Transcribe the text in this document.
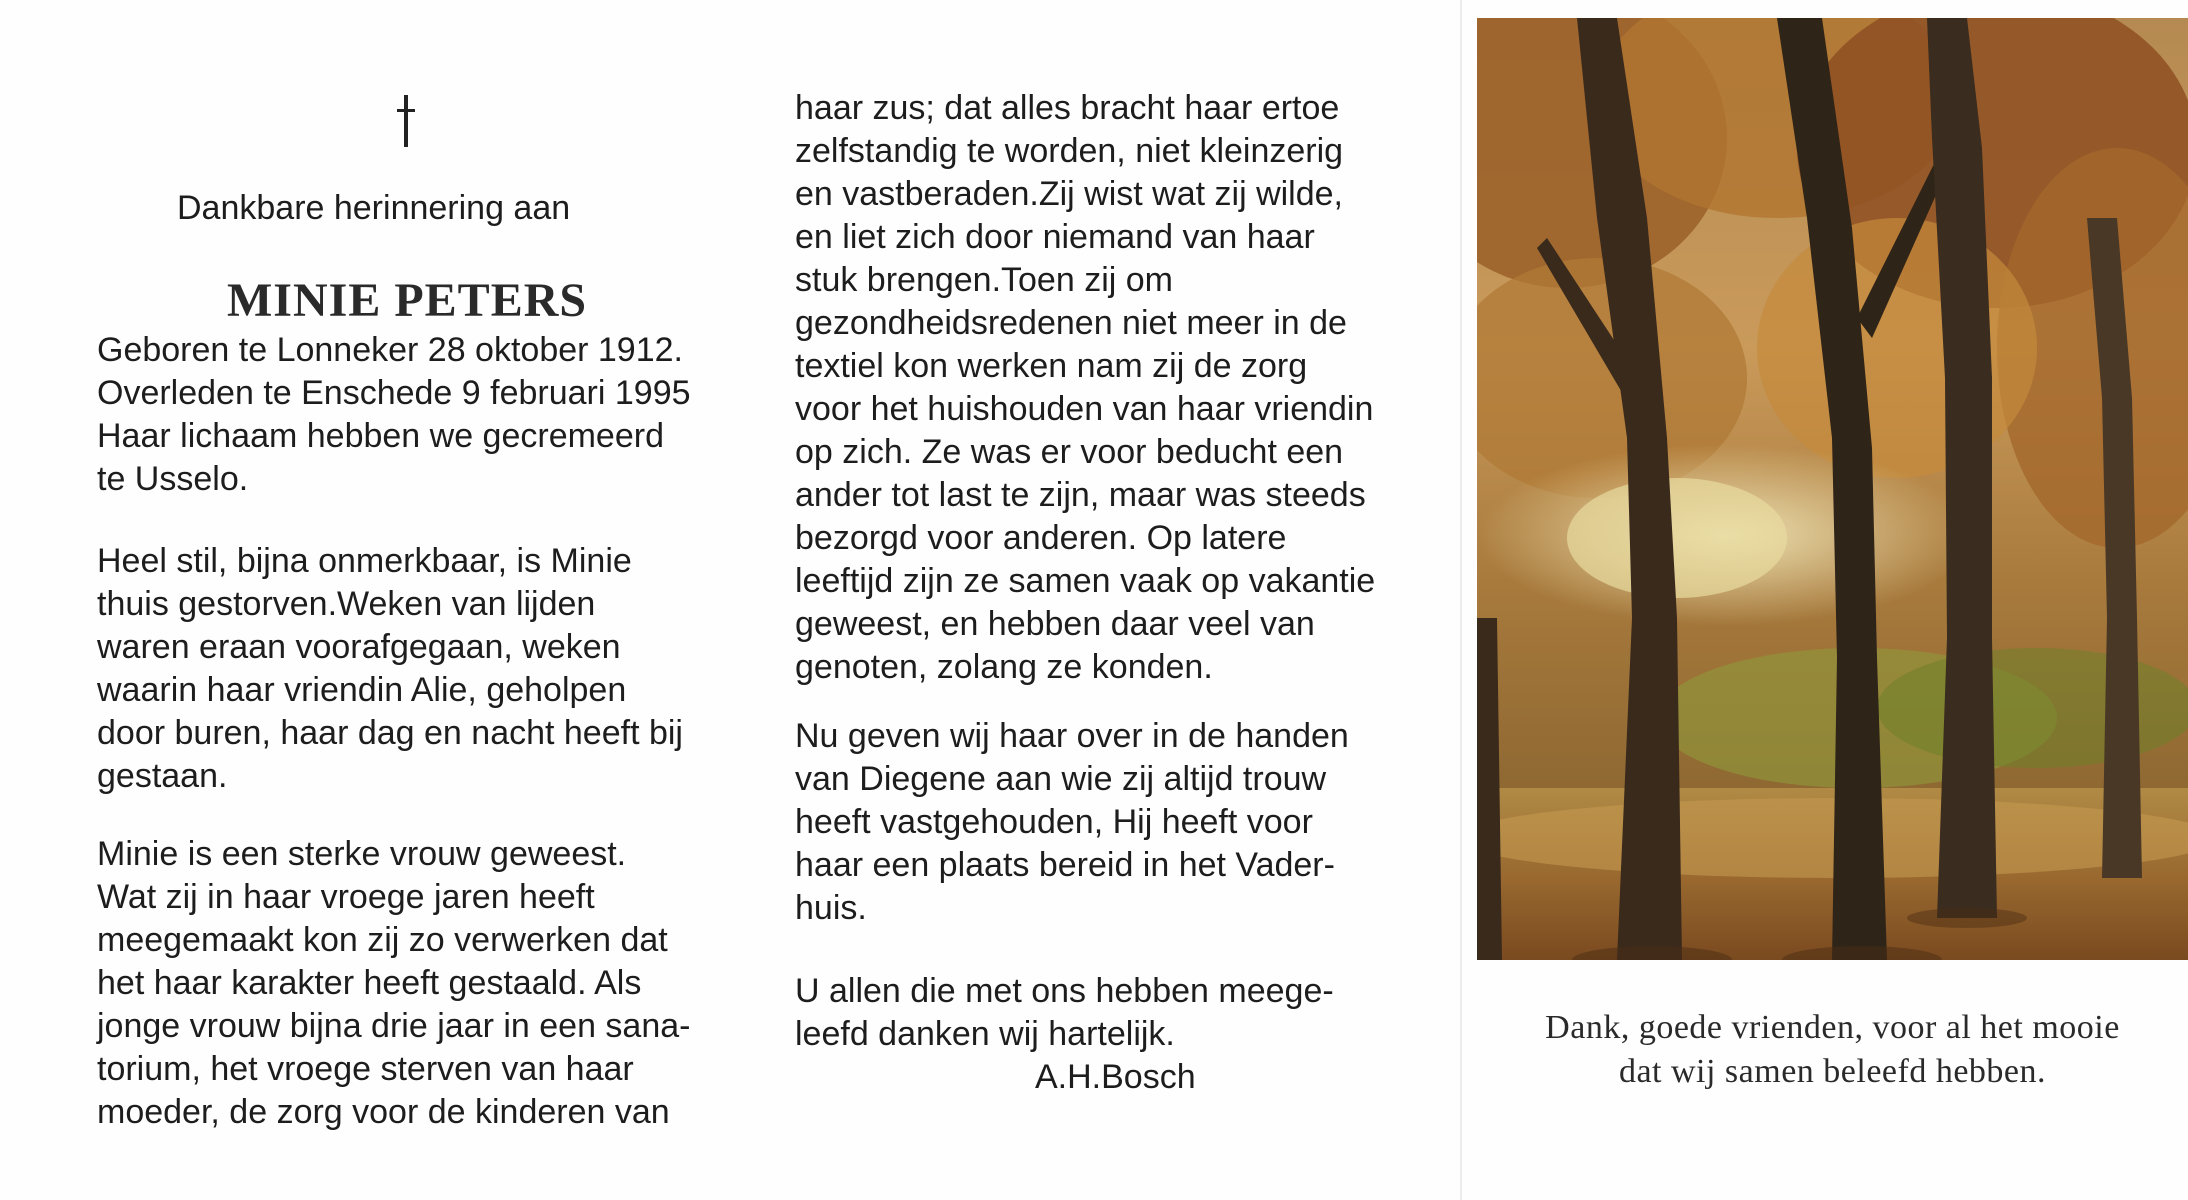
Dankbare herinnering aan
MINIE PETERS
Geboren te Lonneker 28 oktober 1912.
Overleden te Enschede 9 februari 1995
Haar lichaam hebben we gecremeerd
te Usselo.
Heel stil, bijna onmerkbaar, is Minie
thuis gestorven.Weken van lijden
waren eraan voorafgegaan, weken
waarin haar vriendin Alie, geholpen
door buren, haar dag en nacht heeft bij
gestaan.
Minie is een sterke vrouw geweest.
Wat zij in haar vroege jaren heeft
meegemaakt kon zij zo verwerken dat
het haar karakter heeft gestaald. Als
jonge vrouw bijna drie jaar in een sana-
torium, het vroege sterven van haar
moeder, de zorg voor de kinderen van
haar zus; dat alles bracht haar ertoe
zelfstandig te worden, niet kleinzerig
en vastberaden.Zij wist wat zij wilde,
en liet zich door niemand van haar
stuk brengen.Toen zij om
gezondheidsredenen niet meer in de
textiel kon werken nam zij de zorg
voor het huishouden van haar vriendin
op zich. Ze was er voor beducht een
ander tot last te zijn, maar was steeds
bezorgd voor anderen. Op latere
leeftijd zijn ze samen vaak op vakantie
geweest, en hebben daar veel van
genoten, zolang ze konden.
Nu geven wij haar over in de handen
van Diegene aan wie zij altijd trouw
heeft vastgehouden, Hij heeft voor
haar een plaats bereid in het Vader-
huis.
U allen die met ons hebben meege-
leefd danken wij hartelijk.
A.H.Bosch
Dank, goede vrienden, voor al het mooie
dat wij samen beleefd hebben.
